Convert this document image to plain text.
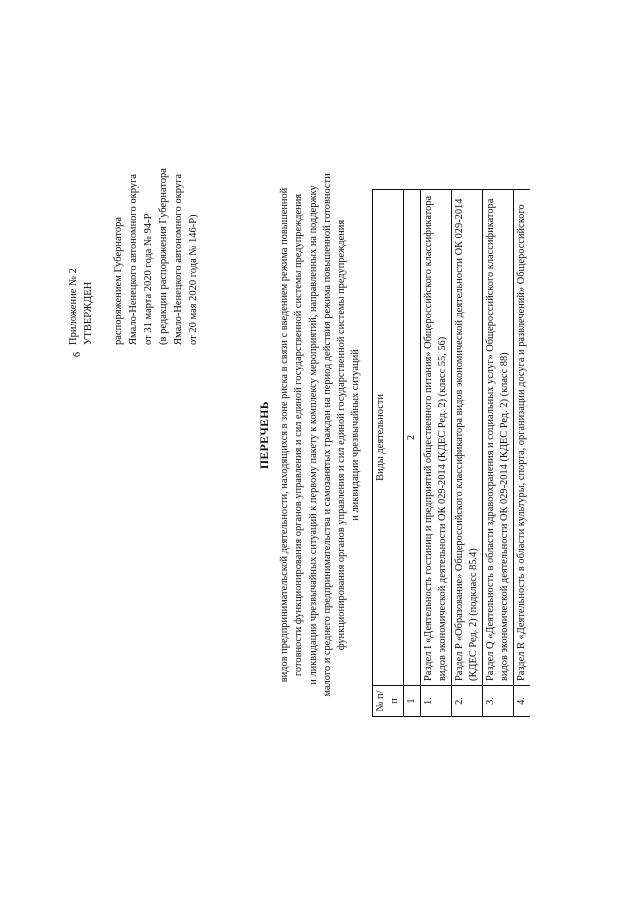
6
Приложение № 2 УТВЕРЖДЕН распоряжением Губернатора Ямало-Ненецкого автономного округа от 31 марта 2020 года № 94-Р (в редакции распоряжения Губернатора Ямало-Ненецкого автономного округа от 20 мая 2020 года № 146-Р)
ПЕРЕЧЕНЬ видов предпринимательской деятельности, находящихся в зоне риска в связи с введением режима повышенной готовности функционирования органов управления и сил единой государственной системы предупреждения и ликвидации чрезвычайных ситуаций к первому пакету к комплексу мероприятий, направленных на поддержку малого и среднего предпринимательства и самозанятых граждан на период действия режима повышенной готовности функционирования органов управления и сил единой государственной системы предупреждения и ликвидации чрезвычайных ситуаций
№ п/п	Виды деятельности
1	2
1.	Раздел I «Деятельность гостиниц и предприятий общественного питания» Общероссийского классификатора видов экономической деятельности ОК 029-2014 (КДЕС Ред. 2) (класс 55, 56)
2.	Раздел P «Образование» Общероссийского классификатора видов экономической деятельности ОК 029-2014 (КДЕС Ред. 2) (подкласс 85.4)
3.	Раздел Q «Деятельность в области здравоохранения и социальных услуг» Общероссийского классификатора видов экономической деятельности ОК 029-2014 (КДЕС Ред. 2) (класс 88)
4.	Раздел R «Деятельность в области культуры, спорта, организации досуга и развлечений» Общероссийского
